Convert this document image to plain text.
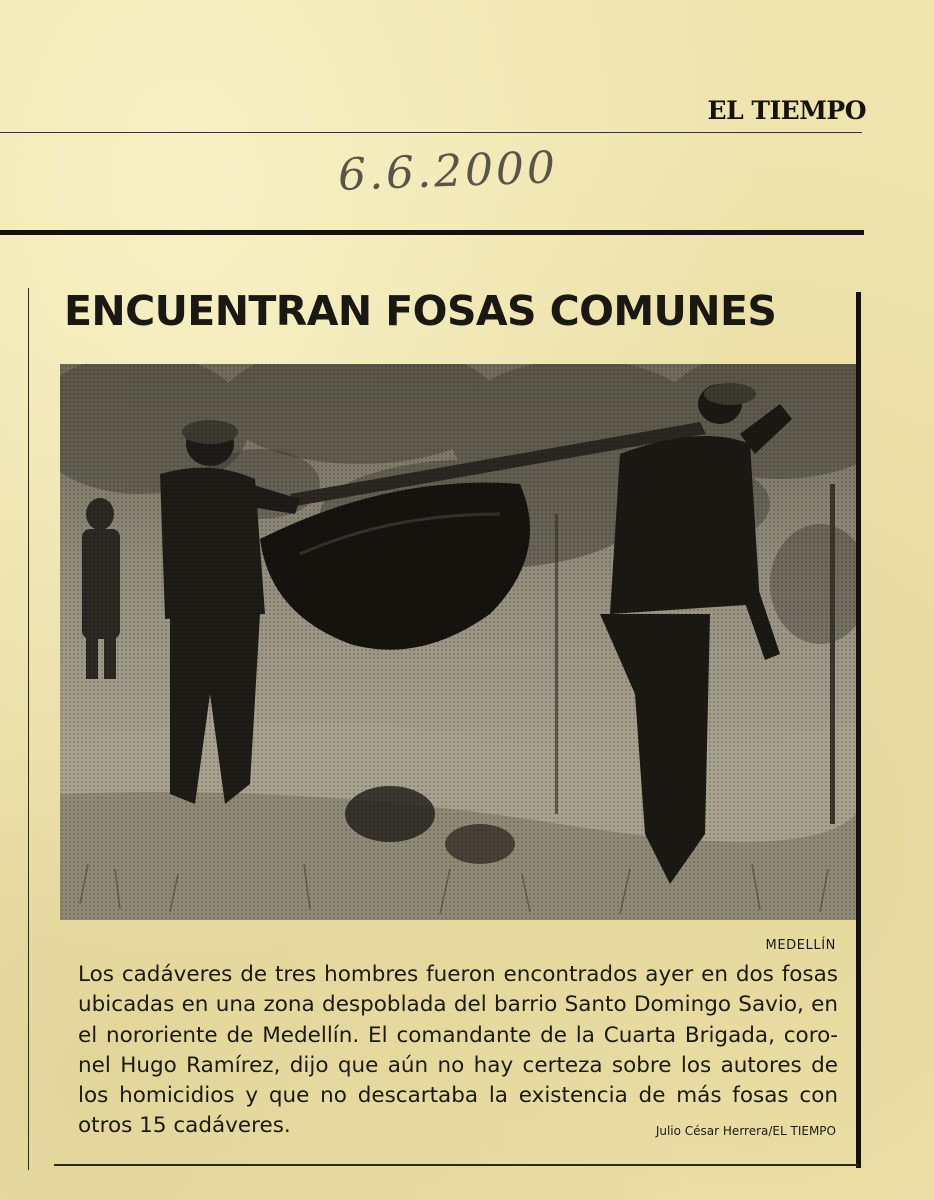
EL TIEMPO
6.6.2000
ENCUENTRAN FOSAS COMUNES
MEDELLÍN

Los cadáveres de tres hombres fueron encontrados ayer en dos fosas ubicadas en una zona despoblada del barrio Santo Domingo Savio, en el nororiente de Medellín. El comandante de la Cuarta Brigada, coronel Hugo Ramírez, dijo que aún no hay certeza sobre los autores de los homicidios y que no descartaba la existencia de más fosas con otros 15 cadáveres.	Julio César Herrera/EL TIEMPO
